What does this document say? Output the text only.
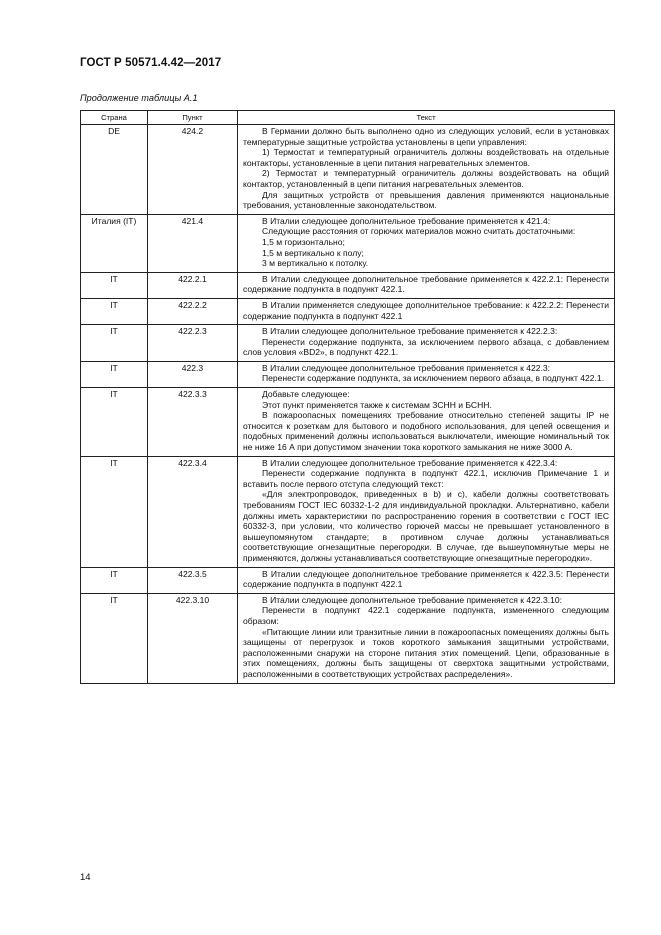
ГОСТ Р 50571.4.42—2017
Продолжение таблицы А.1
Страна	Пункт	Текст
DE	424.2	В Германии должно быть выполнено одно из следующих условий, если в установках температурные защитные устройства установлены в цепи управления:

1) Термостат и температурный ограничитель должны воздействовать на отдельные контакторы, установленные в цепи питания нагревательных элементов.

2) Термостат и температурный ограничитель должны воздействовать на общий контактор, установленный в цепи питания нагревательных элементов.

Для защитных устройств от превышения давления применяются национальные требования, установленные законодательством.

Италия (IT)	421.4	В Италии следующее дополнительное требование применяется к 421.4:

Следующие расстояния от горючих материалов можно считать достаточными:

1,5 м горизонтально;

1,5 м вертикально к полу;

3 м вертикально к потолку.

IT	422.2.1	В Италии следующее дополнительное требование применяется к 422.2.1: Перенести содержание подпункта в подпункт 422.1.

IT	422.2.2	В Италии применяется следующее дополнительное требование: к 422.2.2: Перенести содержание подпункта в подпункт 422.1

IT	422.2.3	В Италии следующее дополнительное требование применяется к 422.2.3:

Перенести содержание подпункта, за исключением первого абзаца, с добавлением слов условия «BD2», в подпункт 422.1.

IT	422.3	В Италии следующее дополнительное требования применяется к 422.3:

Перенести содержание подпункта, за исключением первого абзаца, в подпункт 422.1.

IT	422.3.3	Добавьте следующее:

Этот пункт применяется также к системам ЗСНН и БСНН.

В пожароопасных помещениях требование относительно степеней защиты IP не относится к розеткам для бытового и подобного использования, для цепей освещения и подобных применений должны использоваться выключатели, имеющие номинальный ток не ниже 16 А при допустимом значении тока короткого замыкания не ниже 3000 А.

IT	422.3.4	В Италии следующее дополнительное требование применяется к 422.3.4:

Перенести содержание подпункта в подпункт 422.1, исключив Примечание 1 и вставить после первого отступа следующий текст:

«Для электропроводок, приведенных в b) и с), кабели должны соответствовать требованиям ГОСТ IEC 60332-1-2 для индивидуальной прокладки. Альтернативно, кабели должны иметь характеристики по распространению горения в соответствии с ГОСТ IEC 60332-3, при условии, что количество горючей массы не превышает установленного в вышеупомянутом стандарте; в противном случае должны устанавливаться соответствующие огнезащитные перегородки. В случае, где вышеупомянутые меры не применяются, должны устанавливаться соответствующие огнезащитные перегородки».

IT	422.3.5	В Италии следующее дополнительное требование применяется к 422.3.5: Перенести содержание подпункта в подпункт 422.1

IT	422.3.10	В Италии следующее дополнительное требование применяется к 422.3.10:

Перенести в подпункт 422.1 содержание подпункта, измененного следующим образом:

«Питающие линии или транзитные линии в пожароопасных помещениях должны быть защищены от перегрузок и токов короткого замыкания защитными устройствами, расположенными снаружи на стороне питания этих помещений. Цепи, образованные в этих помещениях, должны быть защищены от сверхтока защитными устройствами, расположенными в соответствующих устройствах распределения».

14
